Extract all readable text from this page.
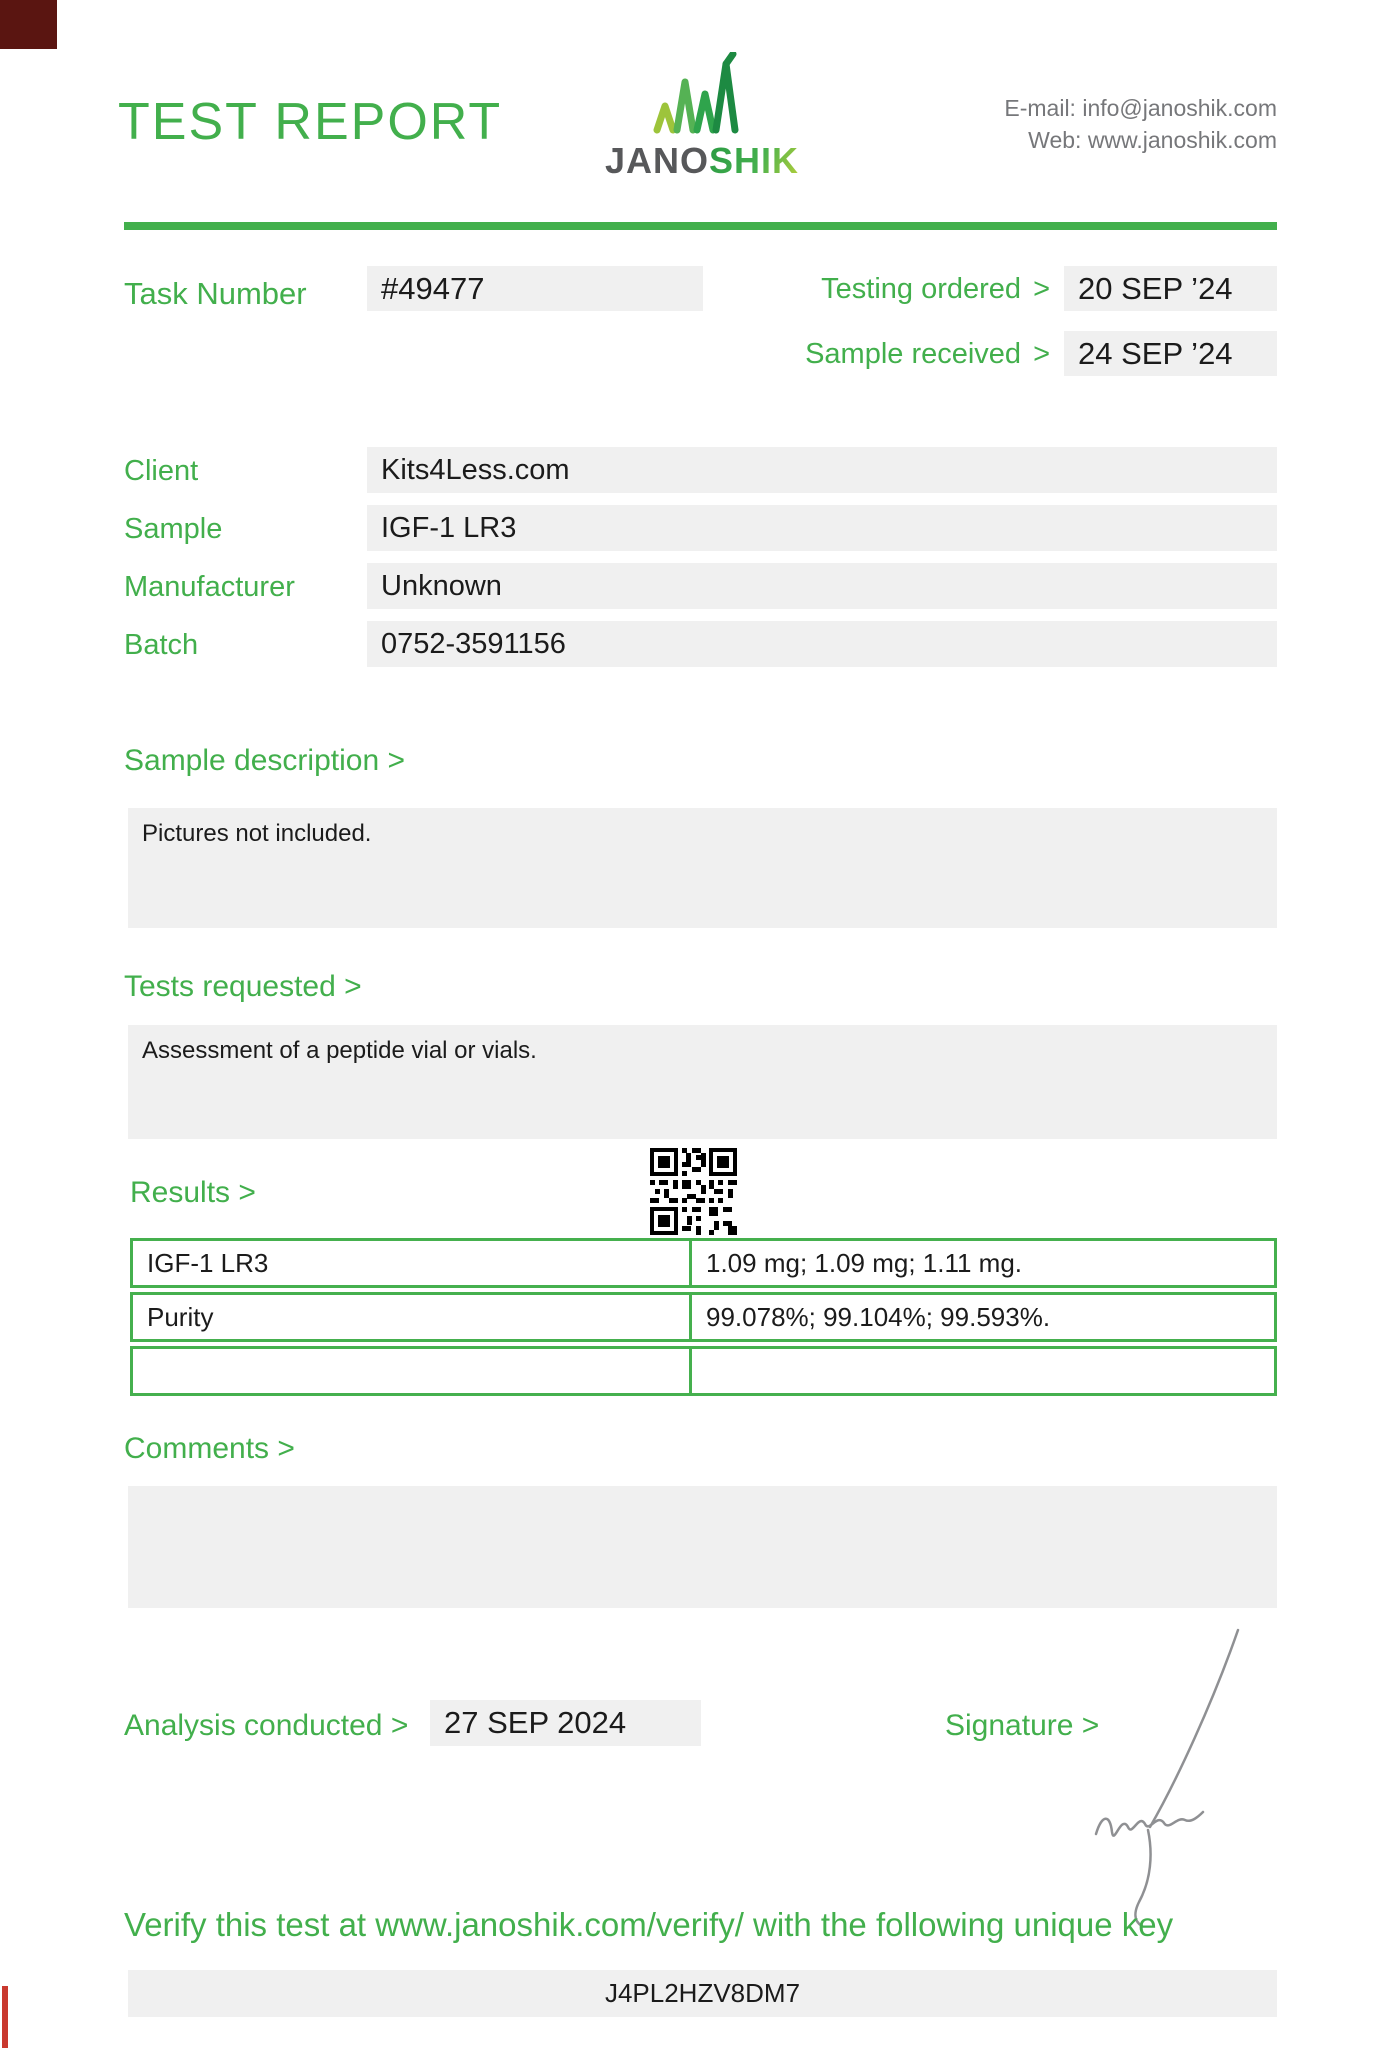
TEST REPORT
JANOSHIK
E-mail: info@janoshik.com
Web: www.janoshik.com
Task Number	#49477	Testing ordered > 20 SEP ’24
Sample received > 24 SEP ’24
Client	Kits4Less.com
Sample	IGF-1 LR3
Manufacturer	Unknown
Batch	0752-3591156
Sample description >
Pictures not included.
Tests requested >
Assessment of a peptide vial or vials.
Results >
IGF-1 LR3	1.09 mg; 1.09 mg; 1.11 mg.
Purity	99.078%; 99.104%; 99.593%.
Comments >
Analysis conducted >	27 SEP 2024	Signature >
Verify this test at www.janoshik.com/verify/ with the following unique key
J4PL2HZV8DM7
